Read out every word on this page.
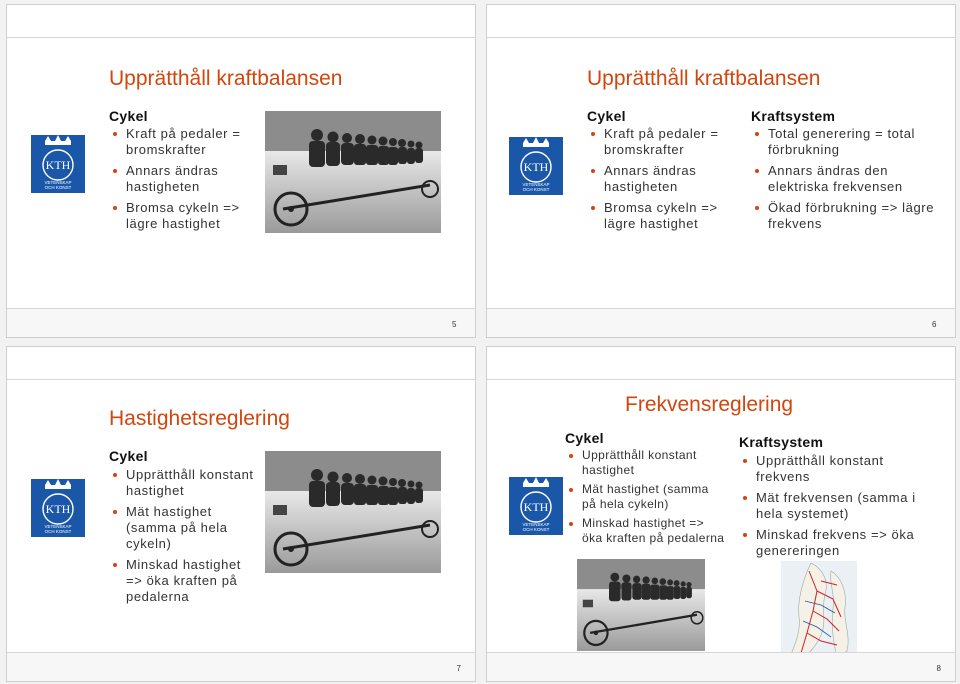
Upprätthåll kraftbalansen
Cykel
Kraft på pedaler = bromskrafter
Annars ändras hastigheten
Bromsa cykeln => lägre hastighet
5
Upprätthåll kraftbalansen
Cykel
Kraft på pedaler = bromskrafter
Annars ändras hastigheten
Bromsa cykeln => lägre hastighet
Kraftsystem
Total generering = total förbrukning
Annars ändras den elektriska frekvensen
Ökad förbrukning => lägre frekvens
6
Hastighetsreglering
Cykel
Upprätthåll konstant hastighet
Mät hastighet (samma på hela cykeln)
Minskad hastighet => öka kraften på pedalerna
7
Frekvensreglering
Cykel
Upprätthåll konstant hastighet
Mät hastighet (samma på hela cykeln)
Minskad hastighet => öka kraften på pedalerna
Kraftsystem
Upprätthåll konstant frekvens
Mät frekvensen (samma i hela systemet)
Minskad frekvens => öka genereringen
8
